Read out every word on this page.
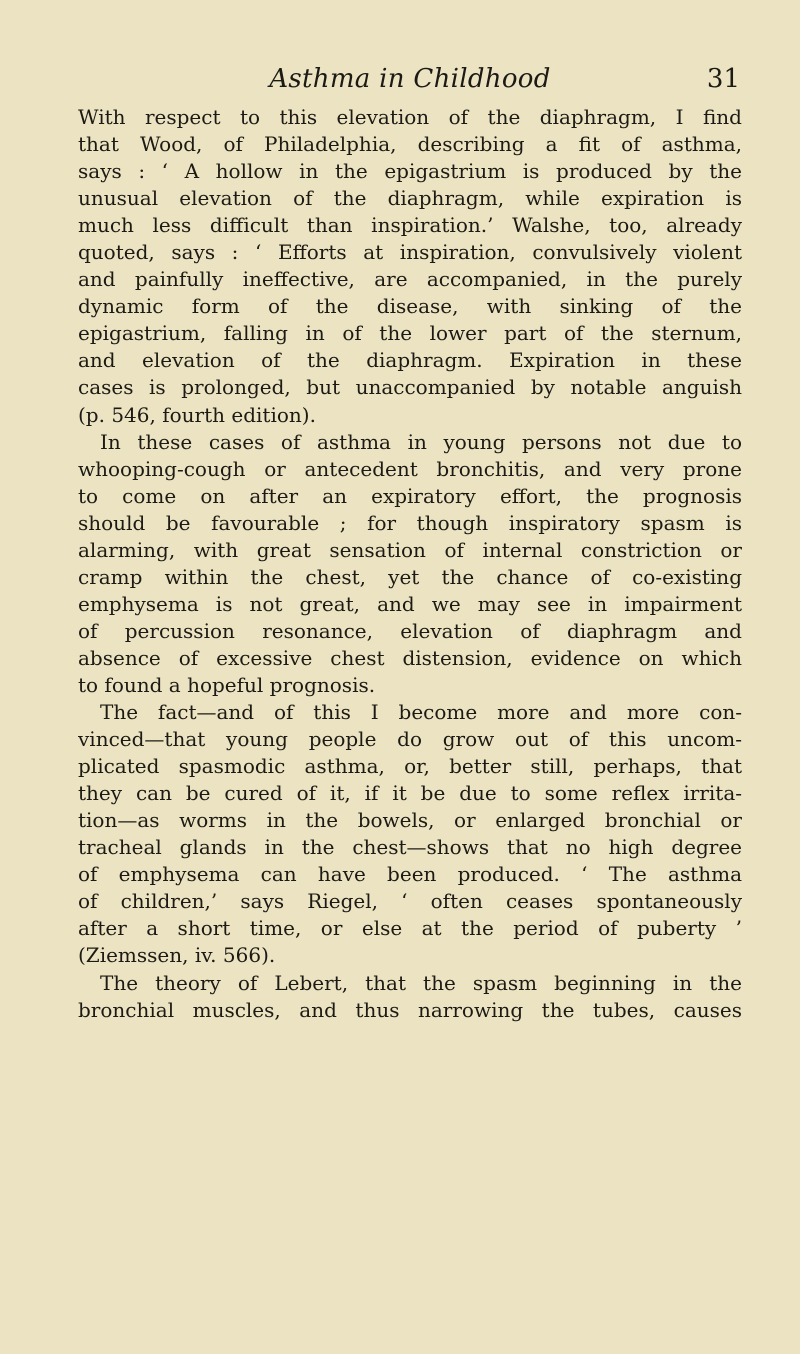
Asthma in Childhood	31
With respect to this elevation of the diaphragm, I find
that Wood, of Philadelphia, describing a fit of asthma,
says : ‘ A hollow in the epigastrium is produced by the
unusual elevation of the diaphragm, while expiration is
much less difficult than inspiration.’ Walshe, too, already
quoted, says : ‘ Efforts at inspiration, convulsively violent
and painfully ineffective, are accompanied, in the purely
dynamic form of the disease, with sinking of the
epigastrium, falling in of the lower part of the sternum,
and elevation of the diaphragm. Expiration in these
cases is prolonged, but unaccompanied by notable anguish
(p. 546, fourth edition).
In these cases of asthma in young persons not due to
whooping-cough or antecedent bronchitis, and very prone
to come on after an expiratory effort, the prognosis
should be favourable ; for though inspiratory spasm is
alarming, with great sensation of internal constriction or
cramp within the chest, yet the chance of co-existing
emphysema is not great, and we may see in impairment
of percussion resonance, elevation of diaphragm and
absence of excessive chest distension, evidence on which
to found a hopeful prognosis.
The fact—and of this I become more and more con-
vinced—that young people do grow out of this uncom-
plicated spasmodic asthma, or, better still, perhaps, that
they can be cured of it, if it be due to some reflex irrita-
tion—as worms in the bowels, or enlarged bronchial or
tracheal glands in the chest—shows that no high degree
of emphysema can have been produced. ‘ The asthma
of children,’ says Riegel, ‘ often ceases spontaneously
after a short time, or else at the period of puberty ’
(Ziemssen, iv. 566).
The theory of Lebert, that the spasm beginning in the
bronchial muscles, and thus narrowing the tubes, causes
